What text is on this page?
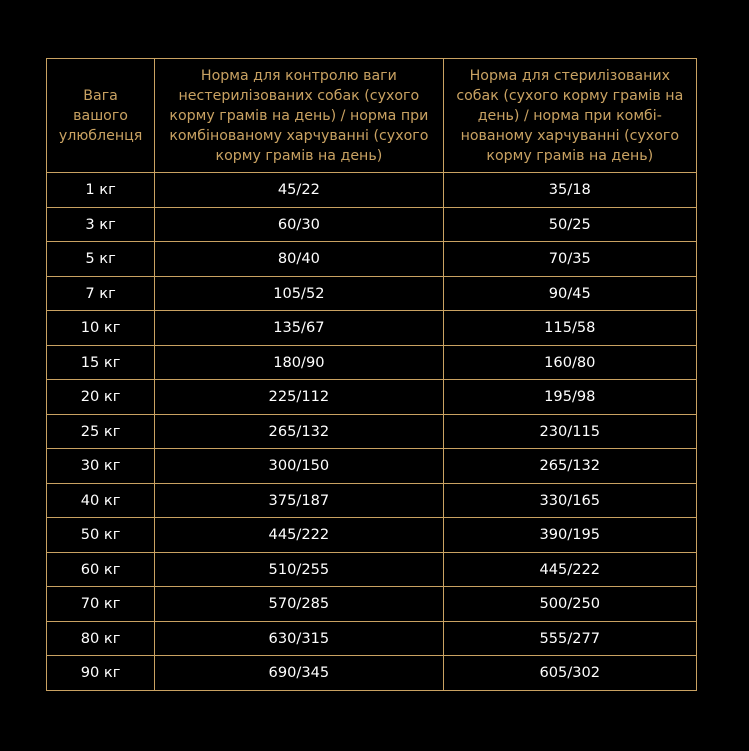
Вага вашого улюбленця	Норма для контролю ваги нестерилізованих собак (сухого корму грамів на день) / норма при комбінованому харчуванні (сухого корму грамів на день)	Норма для стерилізованих собак (сухого корму грамів на день) / норма при комбі-нованому харчуванні (сухого корму грамів на день)

1 кг	45/22	35/18
3 кг	60/30	50/25
5 кг	80/40	70/35
7 кг	105/52	90/45
10 кг	135/67	115/58
15 кг	180/90	160/80
20 кг	225/112	195/98
25 кг	265/132	230/115
30 кг	300/150	265/132
40 кг	375/187	330/165
50 кг	445/222	390/195
60 кг	510/255	445/222
70 кг	570/285	500/250
80 кг	630/315	555/277
90 кг	690/345	605/302
